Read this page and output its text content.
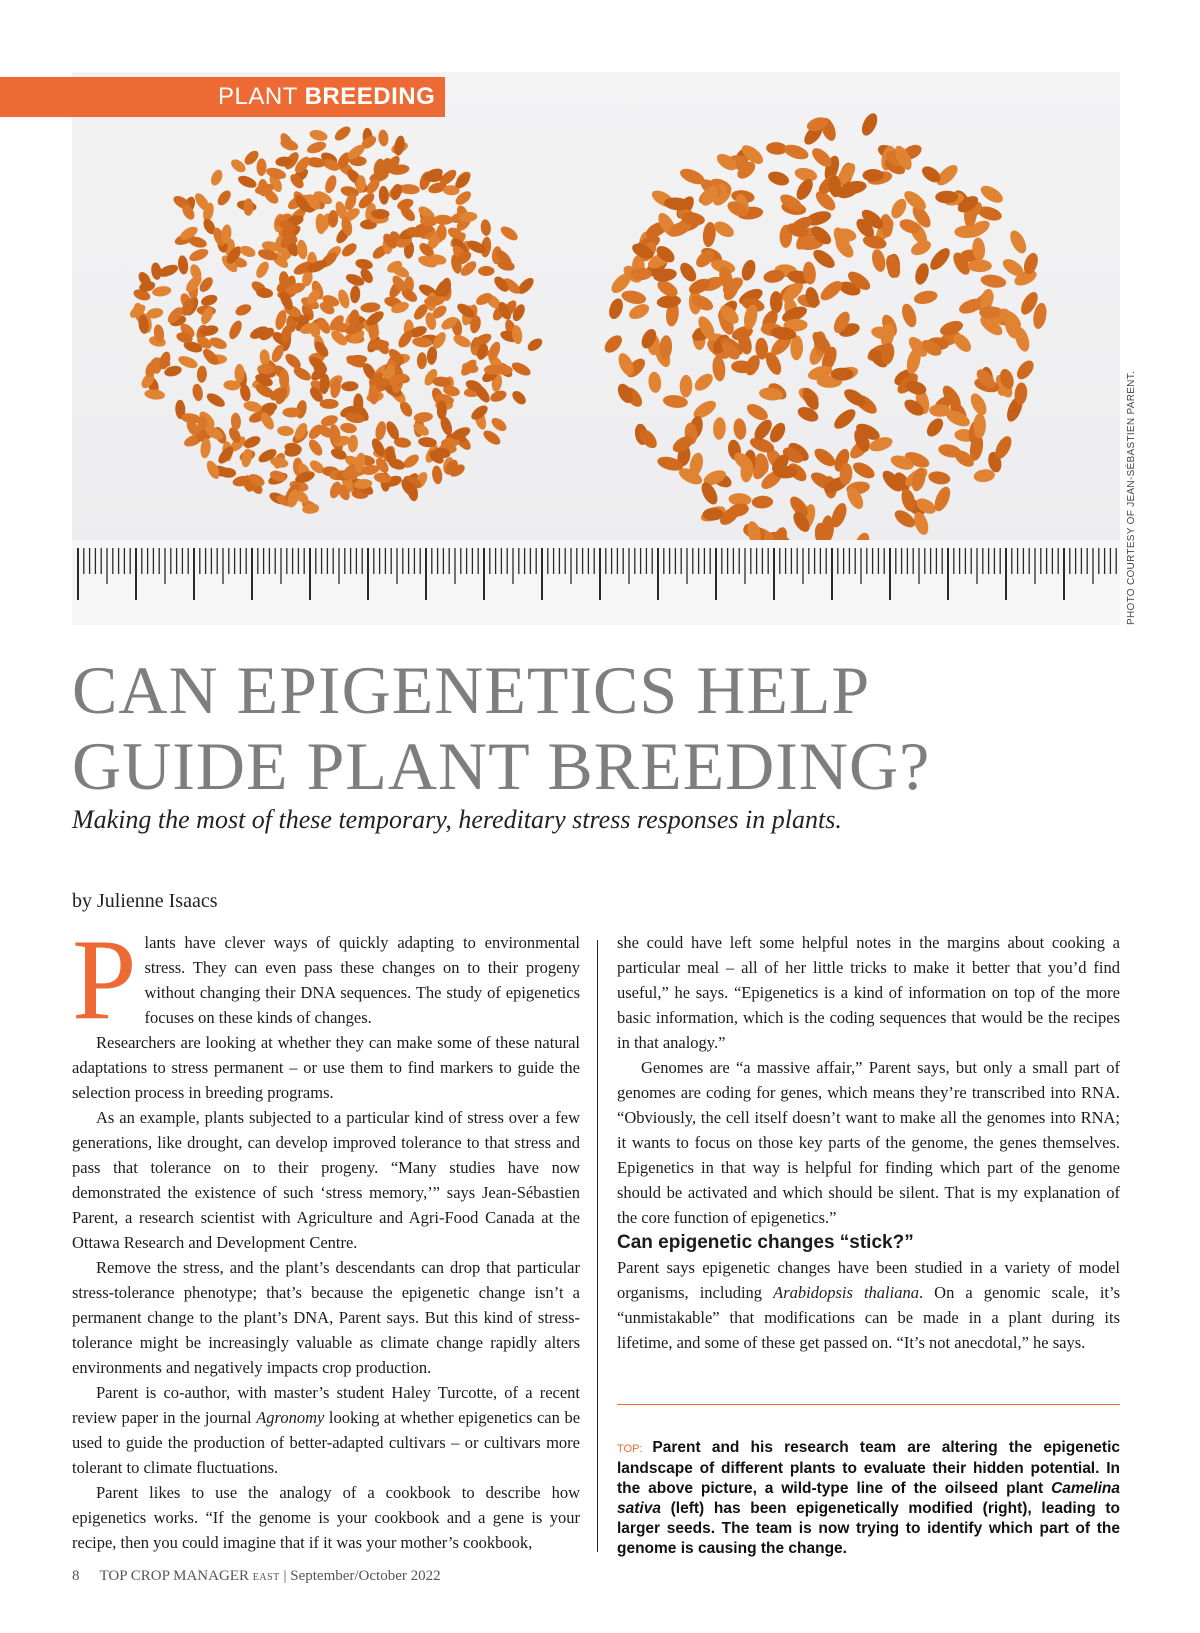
PLANT BREEDING
PHOTO COURTESY OF JEAN-SÉBASTIEN PARENT.
CAN EPIGENETICS HELP
GUIDE PLANT BREEDING?
Making the most of these temporary, hereditary stress responses in plants.
by Julienne Isaacs

Plants have clever ways of quickly adapting to environmental stress. They can even pass these changes on to their progeny without changing their DNA sequences. The study of epigenetics focuses on these kinds of changes.

Researchers are looking at whether they can make some of these natural adaptations to stress permanent – or use them to find markers to guide the selection process in breeding programs.

As an example, plants subjected to a particular kind of stress over a few generations, like drought, can develop improved tolerance to that stress and pass that tolerance on to their progeny. “Many studies have now demonstrated the existence of such ‘stress memory,’” says Jean-Sébastien Parent, a research scientist with Agriculture and Agri-Food Canada at the Ottawa Research and Development Centre.

Remove the stress, and the plant’s descendants can drop that particular stress-tolerance phenotype; that’s because the epigenetic change isn’t a permanent change to the plant’s DNA, Parent says. But this kind of stress-tolerance might be increasingly valuable as climate change rapidly alters environments and negatively impacts crop production.

Parent is co-author, with master’s student Haley Turcotte, of a recent review paper in the journal Agronomy looking at whether epigenetics can be used to guide the production of better-adapted cultivars – or cultivars more tolerant to climate fluctuations.

Parent likes to use the analogy of a cookbook to describe how epigenetics works. “If the genome is your cookbook and a gene is your recipe, then you could imagine that if it was your mother’s cookbook,

she could have left some helpful notes in the margins about cooking a particular meal – all of her little tricks to make it better that you’d find useful,” he says. “Epigenetics is a kind of information on top of the more basic information, which is the coding sequences that would be the recipes in that analogy.”

Genomes are “a massive affair,” Parent says, but only a small part of genomes are coding for genes, which means they’re transcribed into RNA. “Obviously, the cell itself doesn’t want to make all the genomes into RNA; it wants to focus on those key parts of the genome, the genes themselves. Epigenetics in that way is helpful for finding which part of the genome should be activated and which should be silent. That is my explanation of the core function of epigenetics.”

Can epigenetic changes “stick?”

Parent says epigenetic changes have been studied in a variety of model organisms, including Arabidopsis thaliana. On a genomic scale, it’s “unmistakable” that modifications can be made in a plant during its lifetime, and some of these get passed on. “It’s not anecdotal,” he says.

TOP: Parent and his research team are altering the epigenetic landscape of different plants to evaluate their hidden potential. In the above picture, a wild-type line of the oilseed plant Camelina sativa (left) has been epigenetically modified (right), leading to larger seeds. The team is now trying to identify which part of the genome is causing the change.
8 TOP CROP MANAGER EAST | September/October 2022
